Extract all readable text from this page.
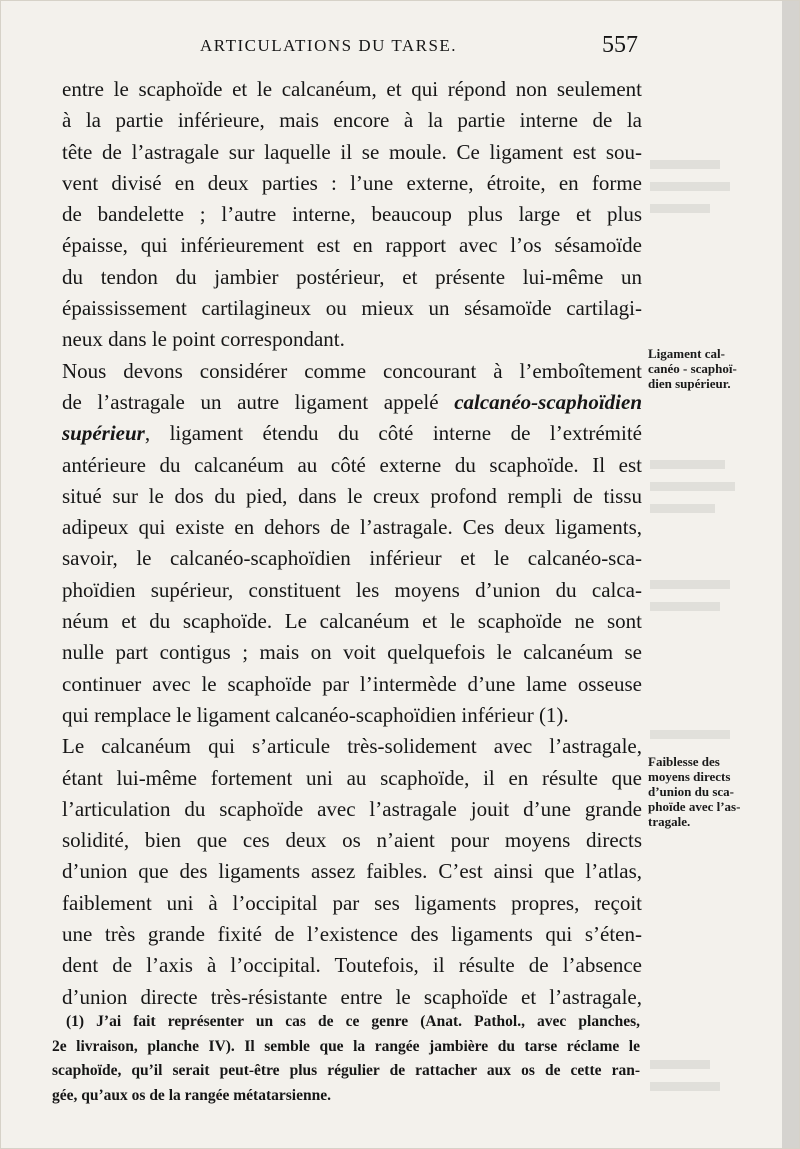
ARTICULATIONS DU TARSE.	557
entre le scaphoïde et le calcanéum, et qui répond non seulement
à la partie inférieure, mais encore à la partie interne de la
tête de l’astragale sur laquelle il se moule. Ce ligament est sou-
vent divisé en deux parties : l’une externe, étroite, en forme
de bandelette ; l’autre interne, beaucoup plus large et plus
épaisse, qui inférieurement est en rapport avec l’os sésamoïde
du tendon du jambier postérieur, et présente lui-même un
épaississement cartilagineux ou mieux un sésamoïde cartilagi-
neux dans le point correspondant.
Nous devons considérer comme concourant à l’emboîtement
de l’astragale un autre ligament appelé calcanéo-scaphoïdien
supérieur, ligament étendu du côté interne de l’extrémité
antérieure du calcanéum au côté externe du scaphoïde. Il est
situé sur le dos du pied, dans le creux profond rempli de tissu
adipeux qui existe en dehors de l’astragale. Ces deux ligaments,
savoir, le calcanéo-scaphoïdien inférieur et le calcanéo-sca-
phoïdien supérieur, constituent les moyens d’union du calca-
néum et du scaphoïde. Le calcanéum et le scaphoïde ne sont
nulle part contigus ; mais on voit quelquefois le calcanéum se
continuer avec le scaphoïde par l’intermède d’une lame osseuse
qui remplace le ligament calcanéo-scaphoïdien inférieur (1).
Le calcanéum qui s’articule très-solidement avec l’astragale,
étant lui-même fortement uni au scaphoïde, il en résulte que
l’articulation du scaphoïde avec l’astragale jouit d’une grande
solidité, bien que ces deux os n’aient pour moyens directs
d’union que des ligaments assez faibles. C’est ainsi que l’atlas,
faiblement uni à l’occipital par ses ligaments propres, reçoit
une très grande fixité de l’existence des ligaments qui s’éten-
dent de l’axis à l’occipital. Toutefois, il résulte de l’absence
d’union directe très-résistante entre le scaphoïde et l’astragale,
Ligament cal-
canéo - scaphoï-
dien supérieur.
Faiblesse des
moyens directs
d’union du sca-
phoïde avec l’as-
tragale.
(1) J’ai fait représenter un cas de ce genre (Anat. Pathol., avec planches,
2e livraison, planche IV). Il semble que la rangée jambière du tarse réclame le
scaphoïde, qu’il serait peut-être plus régulier de rattacher aux os de cette ran-
gée, qu’aux os de la rangée métatarsienne.
